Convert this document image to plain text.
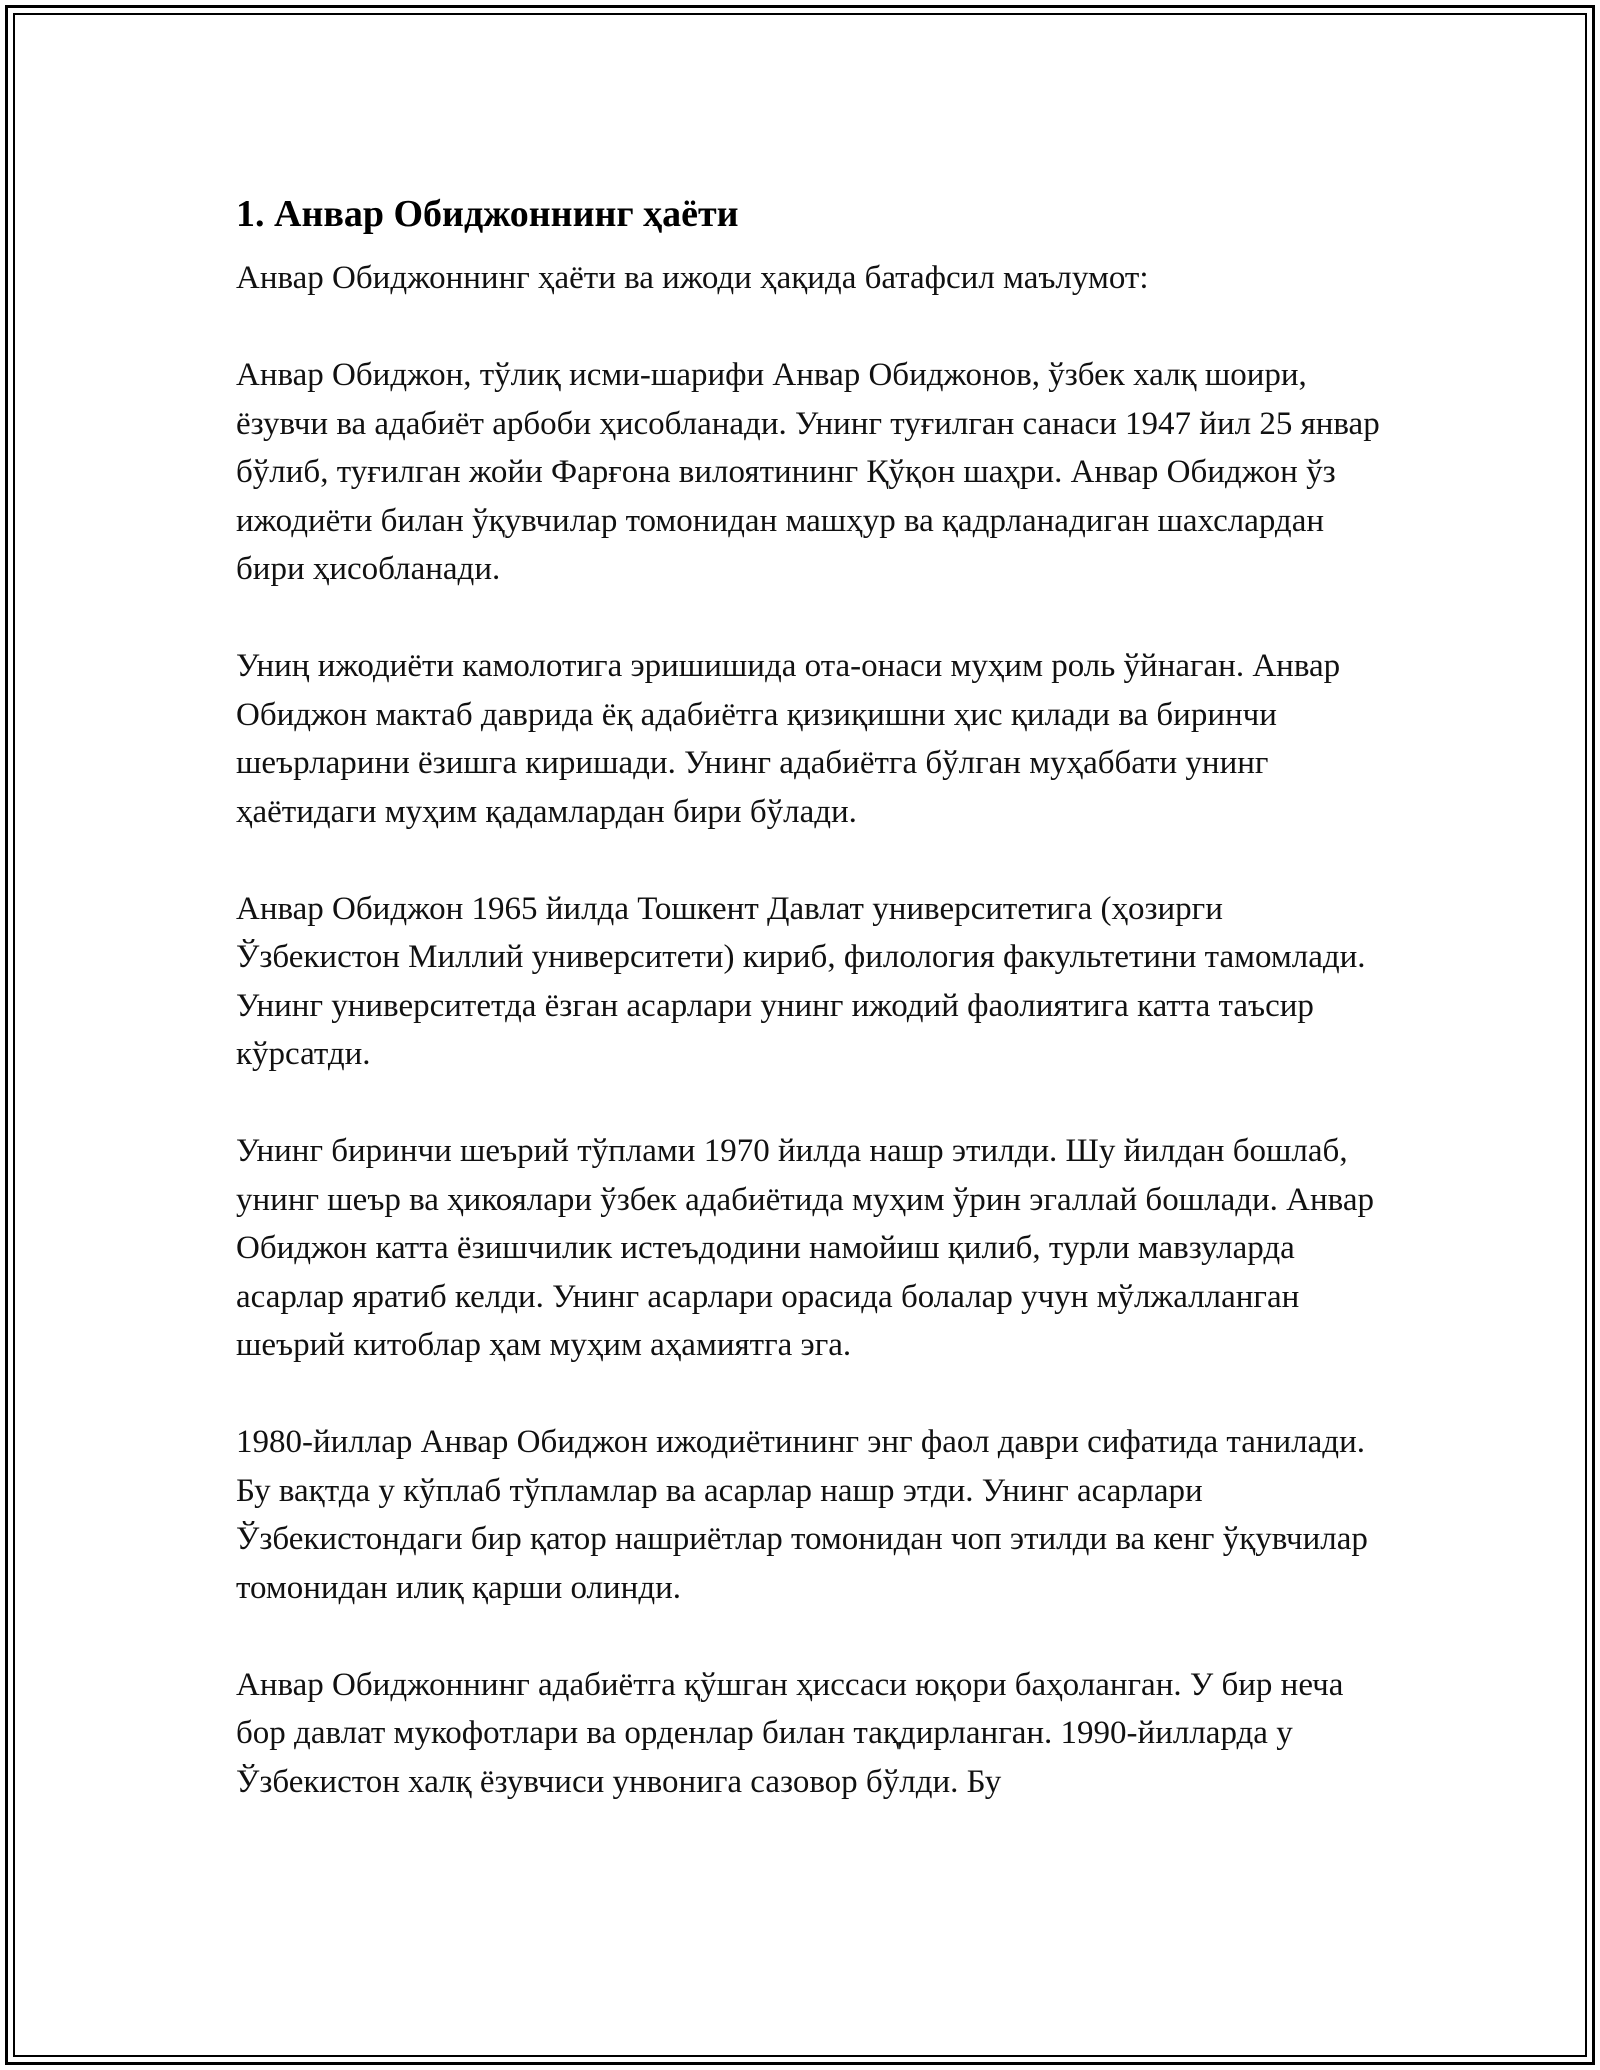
1. Анвар Обиджоннинг ҳаёти

Анвар Обиджоннинг ҳаёти ва ижоди ҳақида батафсил маълумот:

Анвар Обиджон, тўлиқ исми-шарифи Анвар Обиджонов, ўзбек халқ шоири, ёзувчи ва адабиёт арбоби ҳисобланади. Унинг туғилган санаси 1947 йил 25 январ бўлиб, туғилган жойи Фарғона вилоятининг Қўқон шаҳри. Анвар Обиджон ўз ижодиёти билан ўқувчилар томонидан машҳур ва қадрланадиган шахслардан бири ҳисобланади.

Униң ижодиёти камолотига эришишида ота-онаси муҳим роль ўйнаган. Анвар Обиджон мактаб даврида ёқ адабиётга қизиқишни ҳис қилади ва биринчи шеърларини ёзишга киришади. Унинг адабиётга бўлган муҳаббати унинг ҳаётидаги муҳим қадамлардан бири бўлади.

Анвар Обиджон 1965 йилда Тошкент Давлат университетига (ҳозирги Ўзбекистон Миллий университети) кириб, филология факультетини тамомлади. Унинг университетда ёзган асарлари унинг ижодий фаолиятига катта таъсир кўрсатди.

Унинг биринчи шеърий тўплами 1970 йилда нашр этилди. Шу йилдан бошлаб, унинг шеър ва ҳикоялари ўзбек адабиётида муҳим ўрин эгаллай бошлади. Анвар Обиджон катта ёзишчилик истеъдодини намойиш қилиб, турли мавзуларда асарлар яратиб келди. Унинг асарлари орасида болалар учун мўлжалланган шеърий китоблар ҳам муҳим аҳамиятга эга.

1980-йиллар Анвар Обиджон ижодиётининг энг фаол даври сифатида танилади. Бу вақтда у кўплаб тўпламлар ва асарлар нашр этди. Унинг асарлари Ўзбекистондаги бир қатор нашриётлар томонидан чоп этилди ва кенг ўқувчилар томонидан илиқ қарши олинди.

Анвар Обиджоннинг адабиётга қўшган ҳиссаси юқори баҳоланган. У бир неча бор давлат мукофотлари ва орденлар билан тақдирланган. 1990-йилларда у Ўзбекистон халқ ёзувчиси унвонига сазовор бўлди. Бу
